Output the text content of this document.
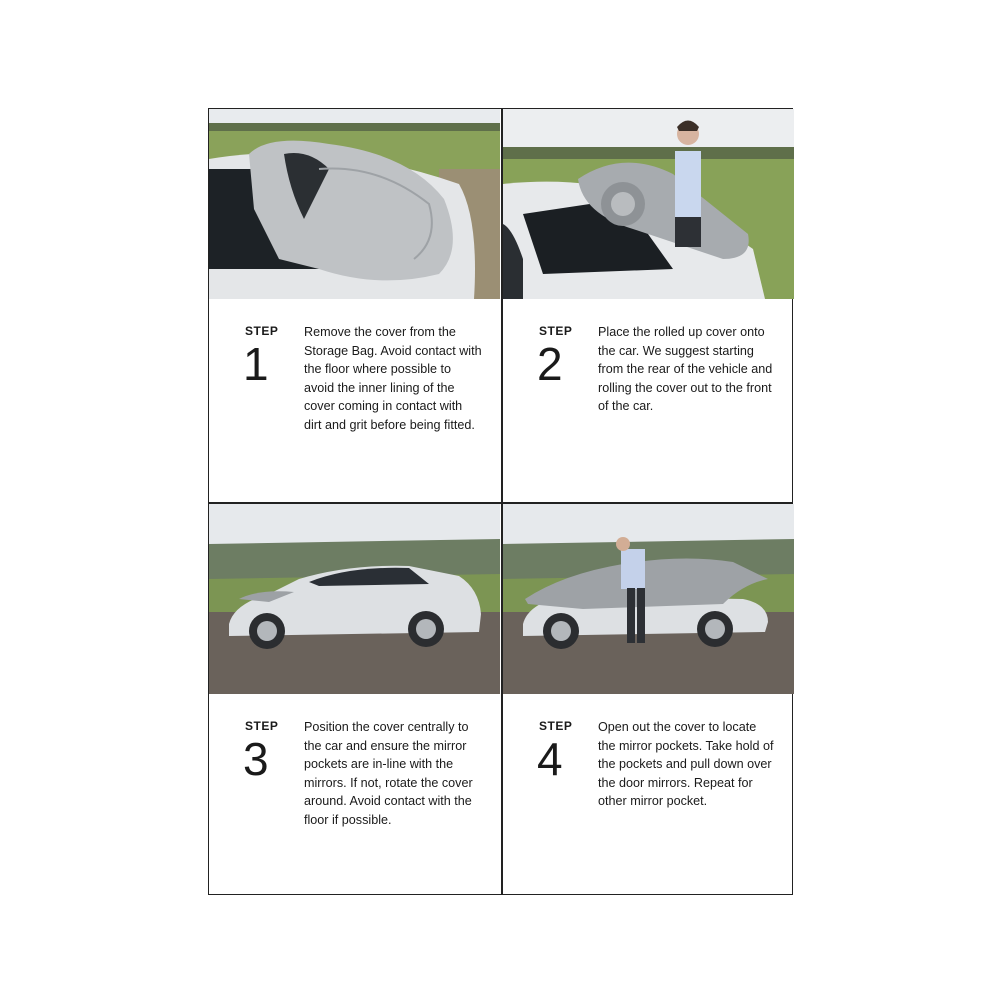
STEP
1
Remove the cover from the Storage Bag. Avoid contact with the floor where possible to avoid the inner lining of the cover coming in contact with dirt and grit before being fitted.
STEP
2
Place the rolled up cover onto the car. We suggest starting from the rear of the vehicle and rolling the cover out to the front of the car.
STEP
3
Position the cover centrally to the car and ensure the mirror pockets are in-line with the mirrors. If not, rotate the cover around. Avoid contact with the floor if possible.
STEP
4
Open out the cover to locate the mirror pockets. Take hold of the pockets and pull down over the door mirrors. Repeat for other mirror pocket.
